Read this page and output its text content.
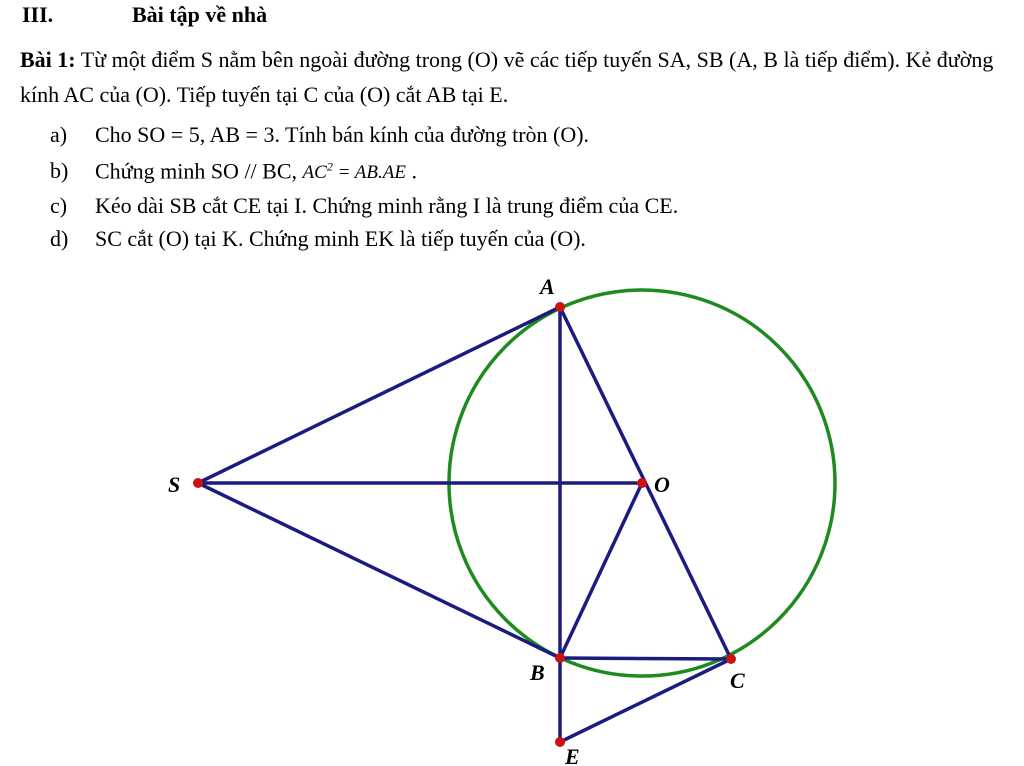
III.	Bài tập về nhà

Bài 1: Từ một điểm S nằm bên ngoài đường trong (O) vẽ các tiếp tuyến SA, SB (A, B là tiếp điểm). Kẻ đường kính AC của (O). Tiếp tuyến tại C của (O) cắt AB tại E.

a) Cho SO = 5, AB = 3. Tính bán kính của đường tròn (O).
b) Chứng minh SO // BC, $AC^2 = AB.AE$ .
c) Kéo dài SB cắt CE tại I. Chứng minh rằng I là trung điểm của CE.
d) SC cắt (O) tại K. Chứng minh EK là tiếp tuyến của (O).
A
O
S
B	C
E
